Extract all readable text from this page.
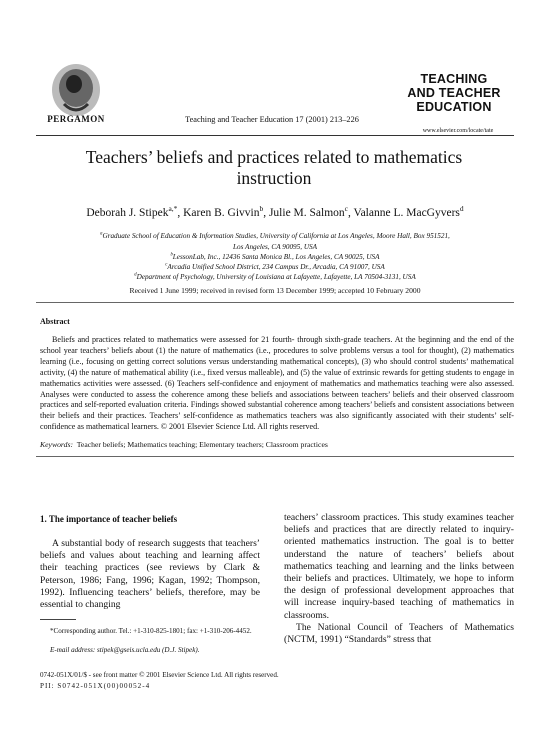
PERGAMON	Teaching and Teacher Education 17 (2001) 213–226
TEACHING
AND TEACHER
EDUCATION
www.elsevier.com/locate/tate
Teachers’ beliefs and practices related to mathematics
instruction
Deborah J. Stipek$^{a,*}$, Karen B. Givvin$^b$, Julie M. Salmon$^c$, Valanne L. MacGyvers$^d$
$^a$Graduate School of Education & Information Studies, University of California at Los Angeles, Moore Hall, Box 951521,
Los Angeles, CA 90095, USA
$^b$LessonLab, Inc., 12436 Santa Monica Bl., Los Angeles, CA 90025, USA
$^c$Arcadia Unified School District, 234 Campus Dr., Arcadia, CA 91007, USA
$^d$Department of Psychology, University of Louisiana at Lafayette, Lafayette, LA 70504-3131, USA
Received 1 June 1999; received in revised form 13 December 1999; accepted 10 February 2000
Abstract
Beliefs and practices related to mathematics were assessed for 21 fourth- through sixth-grade teachers. At the beginning and the end of the school year teachers’ beliefs about (1) the nature of mathematics (i.e., procedures to solve problems versus a tool for thought), (2) mathematics learning (i.e., focusing on getting correct solutions versus understanding mathematical concepts), (3) who should control students’ mathematical activity, (4) the nature of mathematical ability (i.e., fixed versus malleable), and (5) the value of extrinsic rewards for getting students to engage in mathematics activities were assessed. (6) Teachers self-confidence and enjoyment of mathematics and mathematics teaching were also assessed. Analyses were conducted to assess the coherence among these beliefs and associations between teachers’ beliefs and their observed classroom practices and self-reported evaluation criteria. Findings showed substantial coherence among teachers’ beliefs and consistent associations between their beliefs and their practices. Teachers’ self-confidence as mathematics teachers was also significantly associated with their students’ self-confidence as mathematical learners. © 2001 Elsevier Science Ltd. All rights reserved.
Keywords: Teacher beliefs; Mathematics teaching; Elementary teachers; Classroom practices
1. The importance of teacher beliefs
A substantial body of research suggests that teachers’ beliefs and values about teaching and learning affect their teaching practices (see reviews by Clark & Peterson, 1986; Fang, 1996; Kagan, 1992; Thompson, 1992). Influencing teachers’ beliefs, therefore, may be essential to changing
*Corresponding author. Tel.: +1-310-825-1801; fax: +1-310-206-4452.
E-mail address: stipek@gseis.ucla.edu (D.J. Stipek).

teachers’ classroom practices. This study examines teacher beliefs and practices that are directly related to inquiry-oriented mathematics instruction. The goal is to better understand the nature of teachers’ beliefs about mathematics teaching and learning and the links between their beliefs and practices. Ultimately, we hope to inform the design of professional development approaches that will increase inquiry-based teaching of mathematics in classrooms.

The National Council of Teachers of Mathematics (NCTM, 1991) “Standards” stress that

0742-051X/01/$ - see front matter © 2001 Elsevier Science Ltd. All rights reserved.
PII: S0742-051X(00)00052-4
